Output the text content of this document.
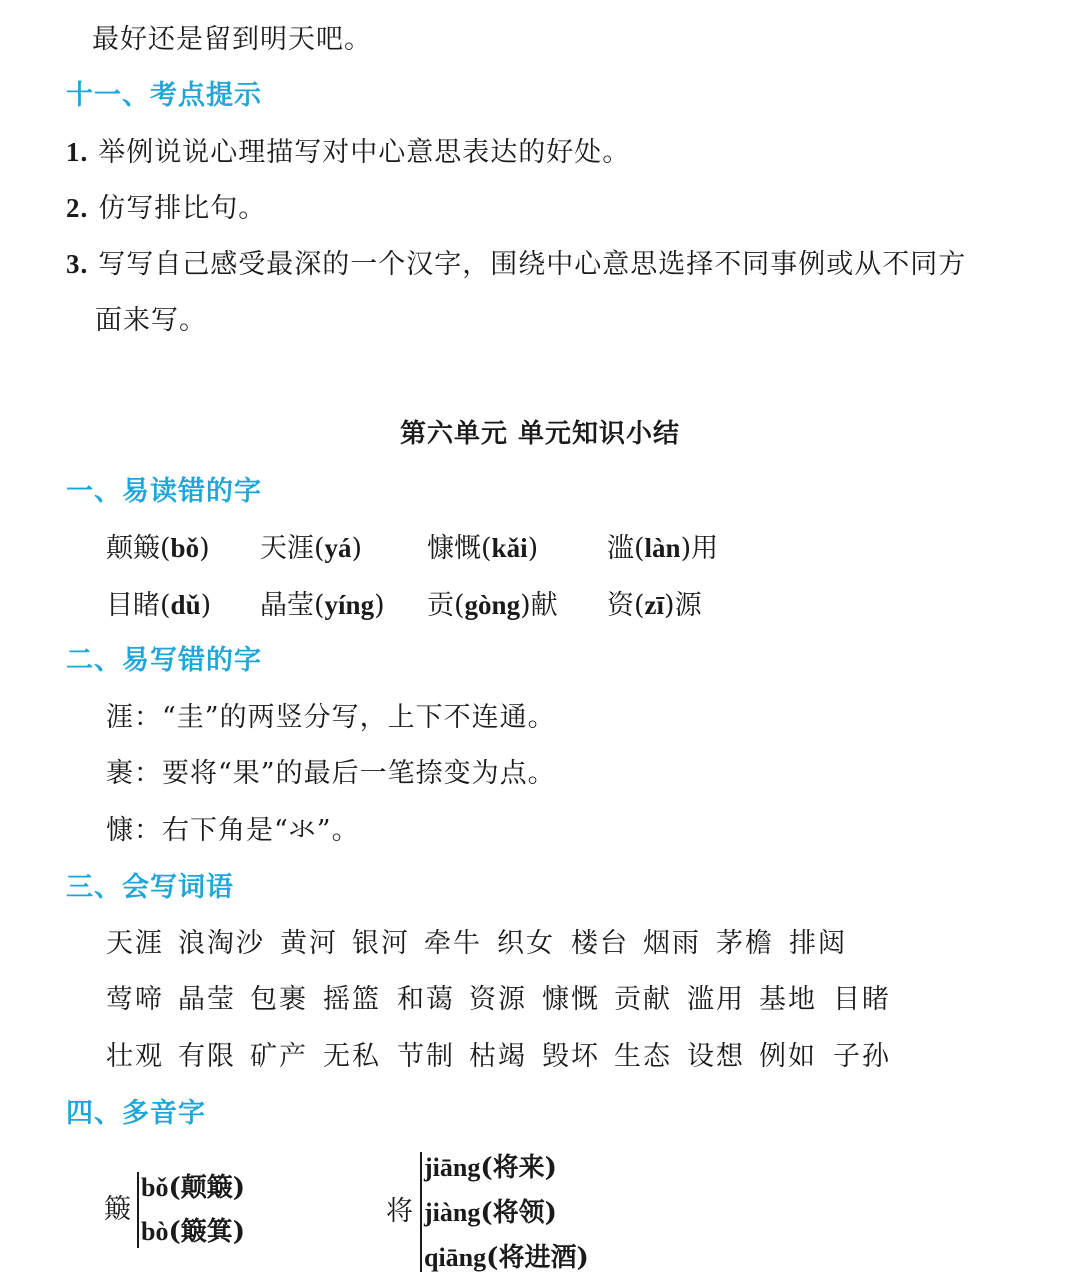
最好还是留到明天吧。
十一、考点提示
1. 举例说说心理描写对中心意思表达的好处。
2. 仿写排比句。
3. 写写自己感受最深的一个汉字，围绕中心意思选择不同事例或从不同方
面来写。
第六单元 单元知识小结
一、易读错的字
颠簸(bǒ) 天涯(yá) 慷慨(kǎi)	滥(làn)用
目睹(dǔ) 晶莹(yíng) 贡(gòng)献 资(zī)源
二、易写错的字
涯：“圭”的两竖分写，上下不连通。
裹：要将“果”的最后一笔捺变为点。
慷：右下角是“氺”。
三、会写词语
天涯 浪淘沙 黄河 银河 牵牛 织女 楼台 烟雨 茅檐 排闼
莺啼 晶莹 包裹 摇篮 和蔼 资源 慷慨 贡献 滥用 基地 目睹
壮观 有限 矿产 无私 节制 枯竭 毁坏 生态 设想 例如 子孙
四、多音字
簸
bǒ(颠簸)
bò(簸箕)
将
jiāng(将来)
jiàng(将领)
qiāng(将进酒)
